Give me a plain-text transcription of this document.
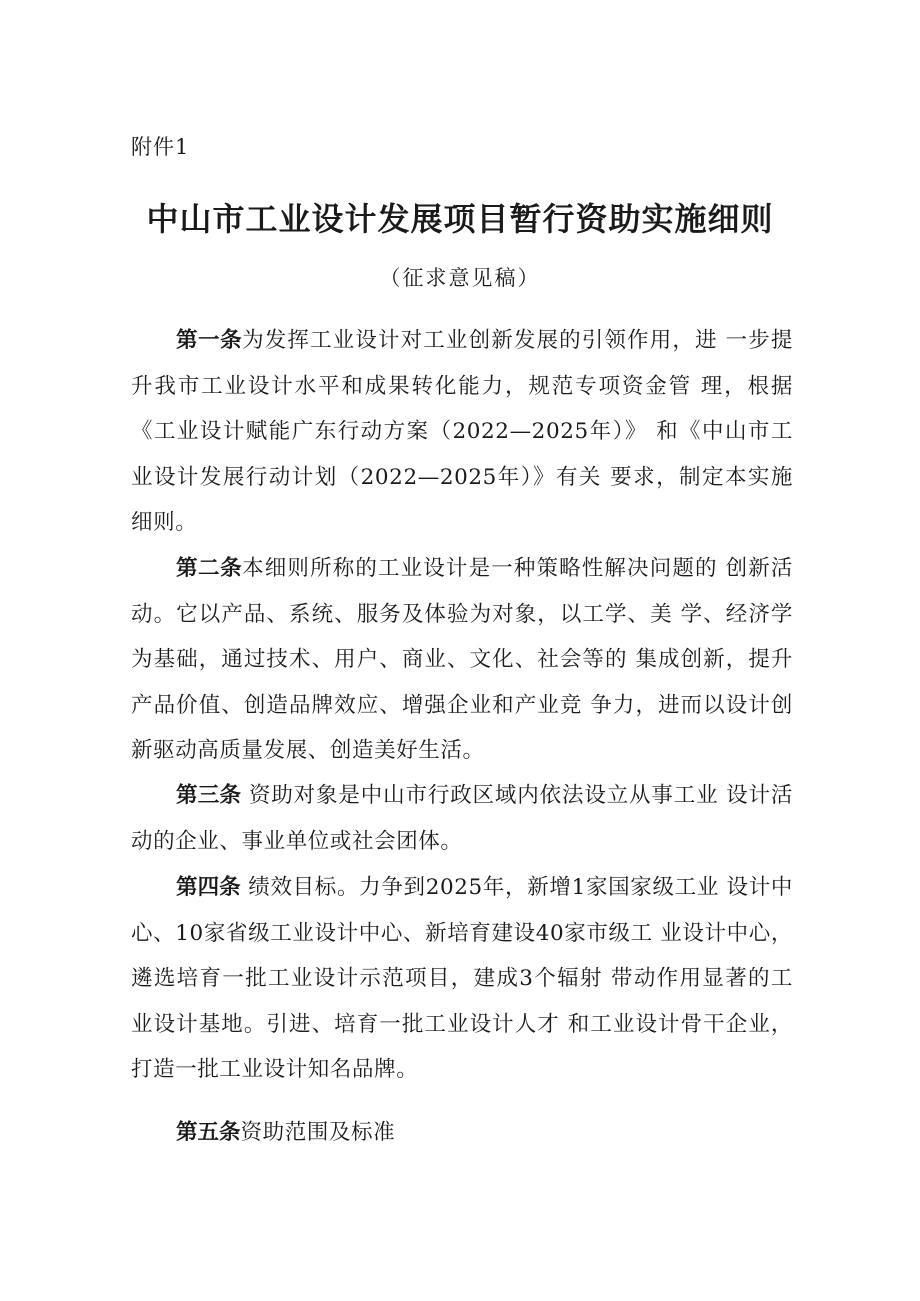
附件1
中山市工业设计发展项目暂行资助实施细则
（征求意见稿）

第一条为发挥工业设计对工业创新发展的引领作用，进 一步提升我市工业设计水平和成果转化能力，规范专项资金管 理，根据《工业设计赋能广东行动方案（2022—2025年）》 和《中山市工业设计发展行动计划（2022—2025年）》有关 要求，制定本实施细则。

第二条本细则所称的工业设计是一种策略性解决问题的 创新活动。它以产品、系统、服务及体验为对象，以工学、美 学、经济学为基础，通过技术、用户、商业、文化、社会等的 集成创新，提升产品价值、创造品牌效应、增强企业和产业竞 争力，进而以设计创新驱动高质量发展、创造美好生活。

第三条 资助对象是中山市行政区域内依法设立从事工业 设计活动的企业、事业单位或社会团体。

第四条 绩效目标。力争到2025年，新增1家国家级工业 设计中心、10家省级工业设计中心、新培育建设40家市级工 业设计中心，遴选培育一批工业设计示范项目，建成3个辐射 带动作用显著的工业设计基地。引进、培育一批工业设计人才 和工业设计骨干企业，打造一批工业设计知名品牌。

第五条资助范围及标准
